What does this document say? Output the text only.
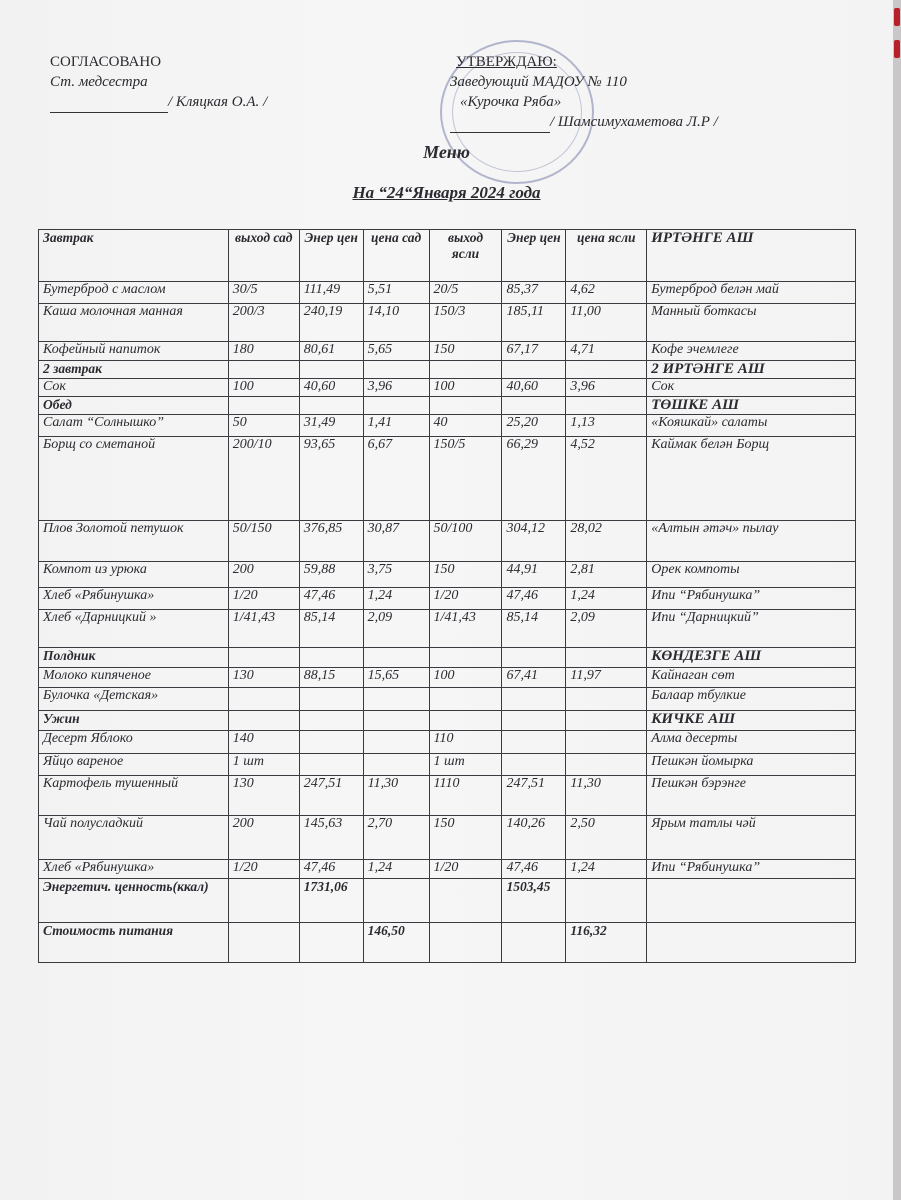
СОГЛАСОВАНО
Ст. медсестра
/ Кляцкая О.А. /
УТВЕРЖДАЮ:
Заведующий МАДОУ № 110
«Курочка Ряба»
/ Шамсимухаметова Л.Р /
Меню
На “24“Января 2024 года
Завтрак	выход сад	Энер цен	цена сад	выход ясли	Энер цен	цена ясли	ИРТӘНГЕ АШ
Бутерброд с маслом	30/5	111,49	5,51	20/5	85,37	4,62	Бутерброд белән май
Каша молочная манная	200/3	240,19	14,10	150/3	185,11	11,00	Манный боткасы
Кофейный напиток	180	80,61	5,65	150	67,17	4,71	Кофе эчемлеге
2 завтрак							2 ИРТӘНГЕ АШ
Сок	100	40,60	3,96	100	40,60	3,96	Сок
Обед							ТӨШКЕ АШ
Салат “Солнышко”	50	31,49	1,41	40	25,20	1,13	«Кояшкай» салаты
Борщ со сметаной	200/10	93,65	6,67	150/5	66,29	4,52	Каймак белән Борщ
Плов Золотой петушок	50/150	376,85	30,87	50/100	304,12	28,02	«Алтын әтәч» пылау
Компот из урюка	200	59,88	3,75	150	44,91	2,81	Орек компоты
Хлеб «Рябинушка»	1/20	47,46	1,24	1/20	47,46	1,24	Ипи “Рябинушка”
Хлеб «Дарницкий »	1/41,43	85,14	2,09	1/41,43	85,14	2,09	Ипи “Дарницкий”
Полдник							КӨНДЕЗГЕ АШ
Молоко кипяченое	130	88,15	15,65	100	67,41	11,97	Кайнаган сөт
Булочка «Детская»							Балаар тбулкие
Ужин							КИЧКЕ АШ
Десерт Яблоко	140			110			Алма десерты
Яйцо вареное	1 шт			1 шт			Пешкән йомырка
Картофель тушенный	130	247,51	11,30	1110	247,51	11,30	Пешкән бэрэнге
Чай полусладкий	200	145,63	2,70	150	140,26	2,50	Ярым татлы чәй
Хлеб «Рябинушка»	1/20	47,46	1,24	1/20	47,46	1,24	Ипи “Рябинушка”
Энергетич. ценность(ккал)		1731,06			1503,45		
Стоимость питания			146,50			116,32	
